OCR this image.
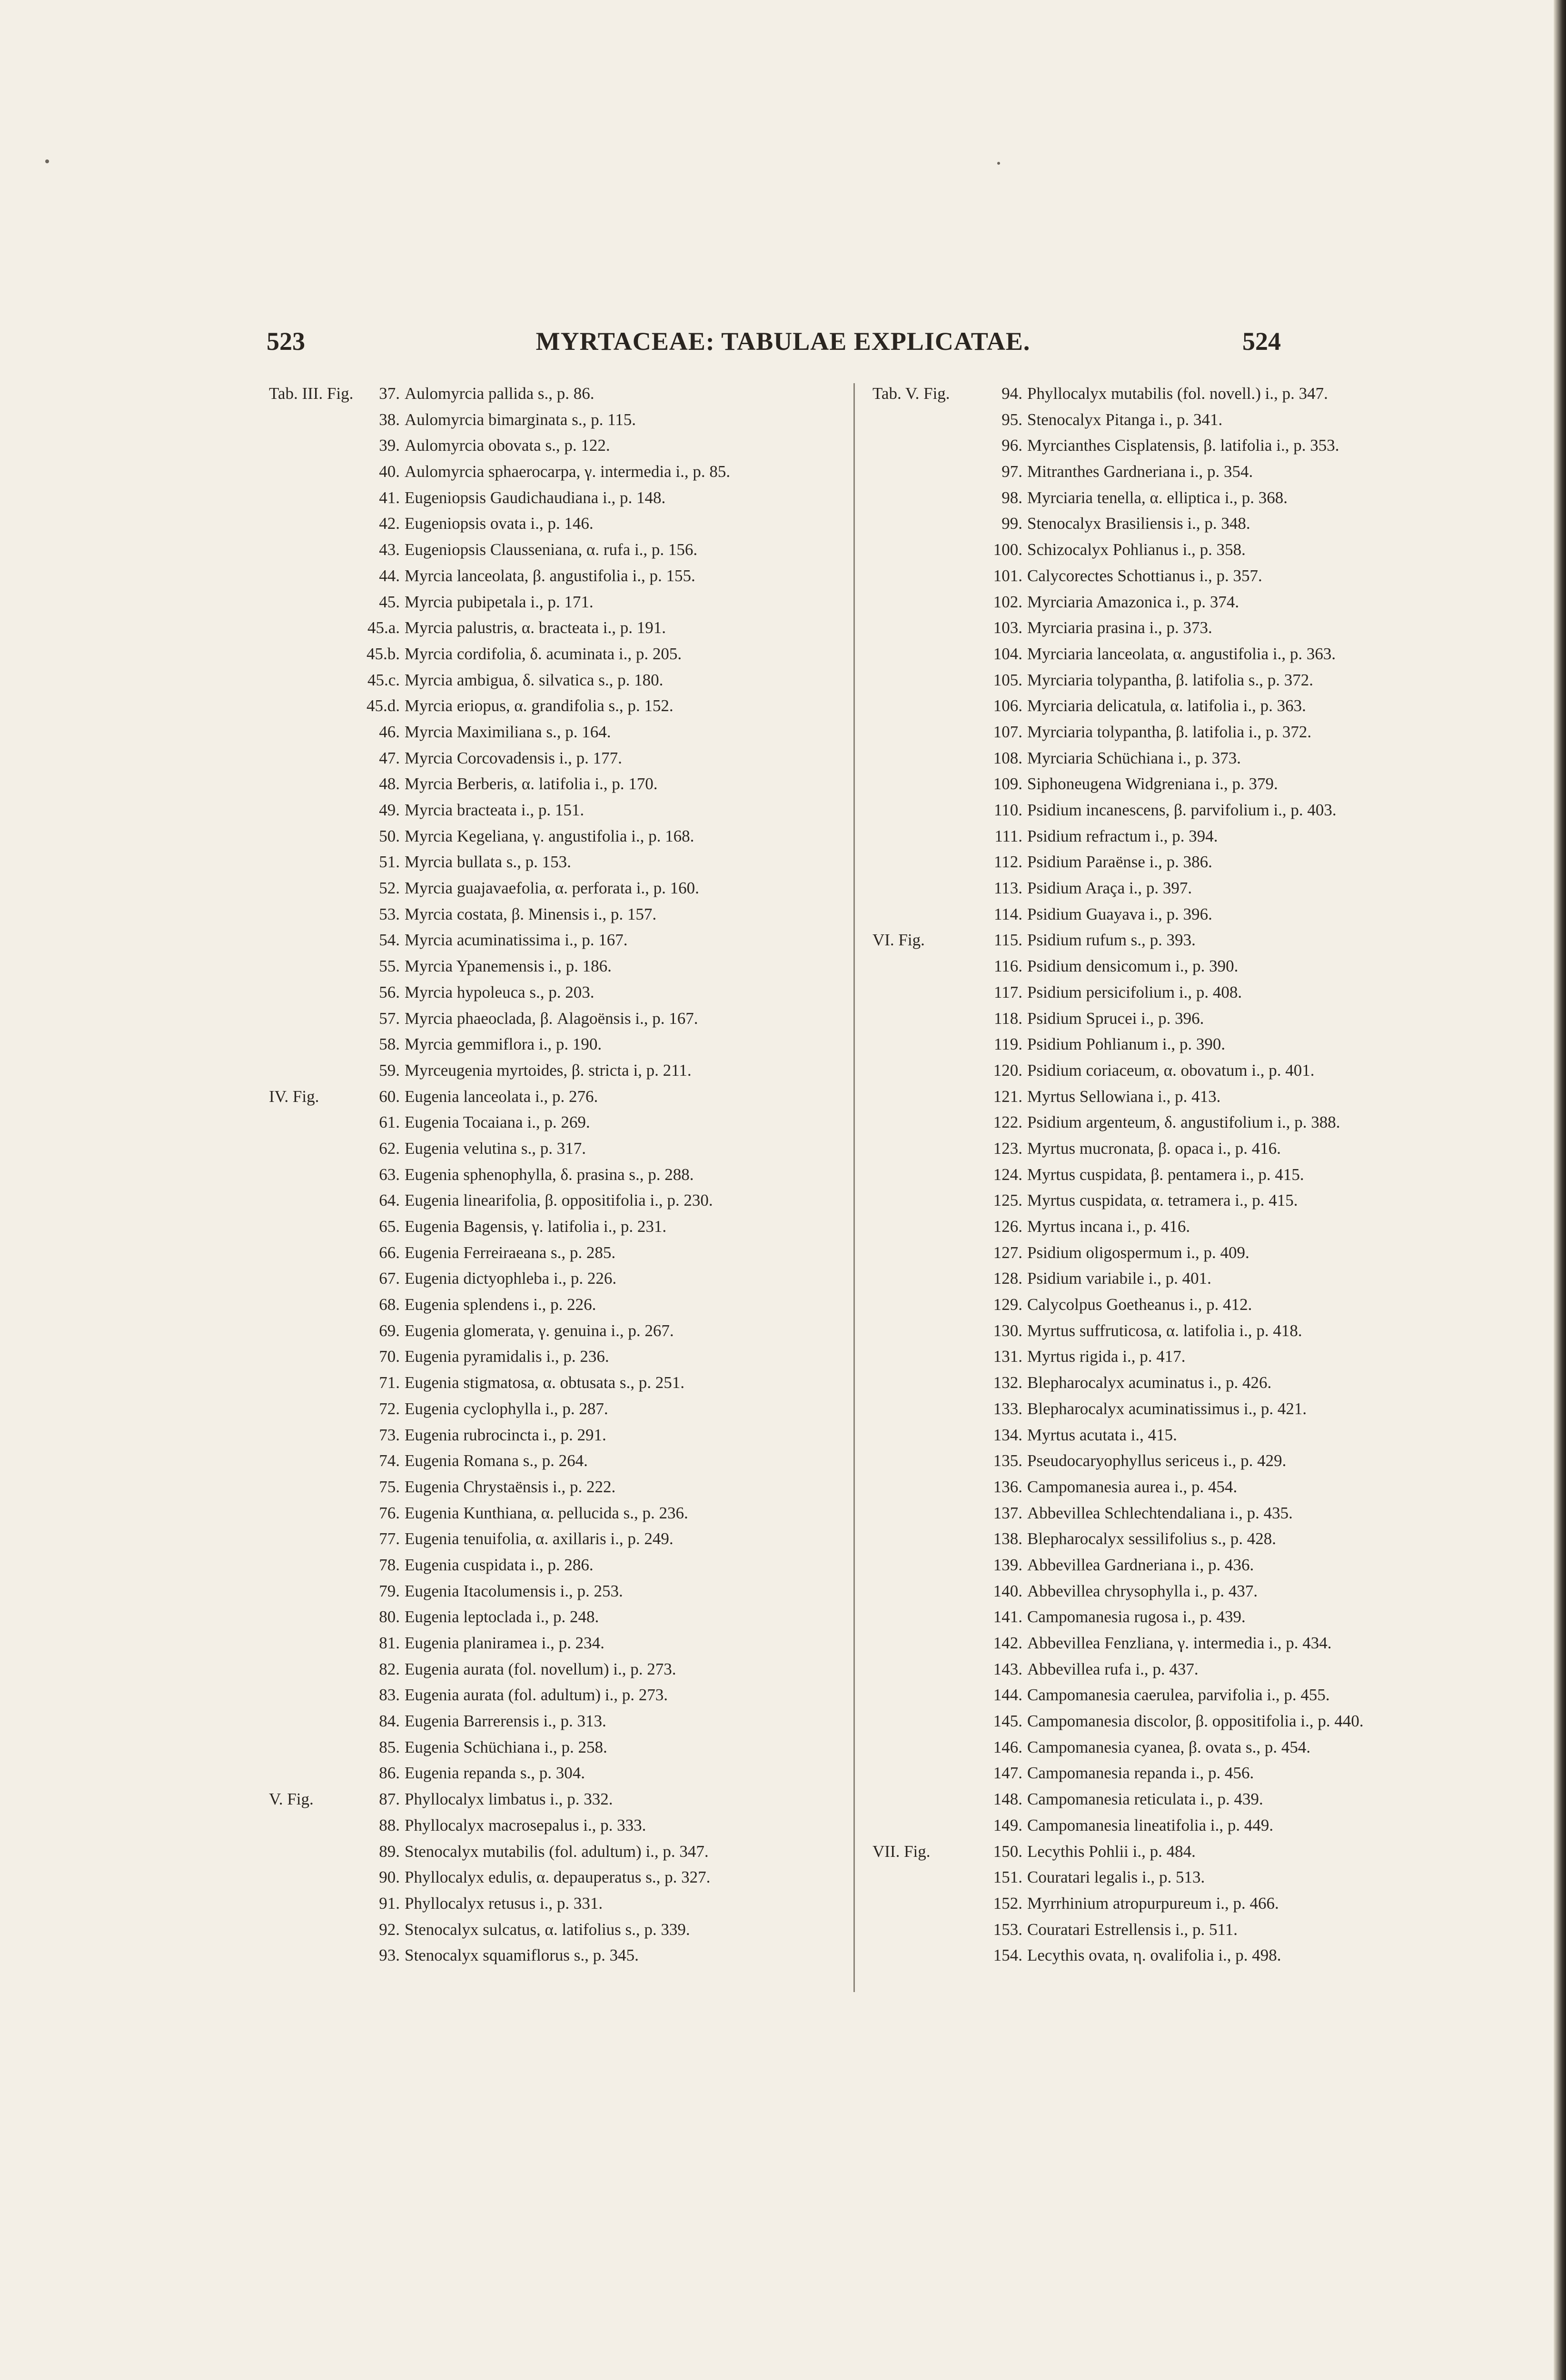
MYRTACEAE: TABULAE EXPLICATAE.
523	524
Tab. III. Fig.	37. Aulomyrcia pallida s., p. 86.
38. Aulomyrcia bimarginata s., p. 115.
39. Aulomyrcia obovata s., p. 122.
40. Aulomyrcia sphaerocarpa, γ. intermedia i., p. 85.
41. Eugeniopsis Gaudichaudiana i., p. 148.
42. Eugeniopsis ovata i., p. 146.
43. Eugeniopsis Clausseniana, α. rufa i., p. 156.
44. Myrcia lanceolata, β. angustifolia i., p. 155.
45. Myrcia pubipetala i., p. 171.
45.a. Myrcia palustris, α. bracteata i., p. 191.
45.b. Myrcia cordifolia, δ. acuminata i., p. 205.
45.c. Myrcia ambigua, δ. silvatica s., p. 180.
45.d. Myrcia eriopus, α. grandifolia s., p. 152.
46. Myrcia Maximiliana s., p. 164.
47. Myrcia Corcovadensis i., p. 177.
48. Myrcia Berberis, α. latifolia i., p. 170.
49. Myrcia bracteata i., p. 151.
50. Myrcia Kegeliana, γ. angustifolia i., p. 168.
51. Myrcia bullata s., p. 153.
52. Myrcia guajavaefolia, α. perforata i., p. 160.
53. Myrcia costata, β. Minensis i., p. 157.
54. Myrcia acuminatissima i., p. 167.
55. Myrcia Ypanemensis i., p. 186.
56. Myrcia hypoleuca s., p. 203.
57. Myrcia phaeoclada, β. Alagoënsis i., p. 167.
58. Myrcia gemmiflora i., p. 190.
59. Myrceugenia myrtoides, β. stricta i, p. 211.
IV. Fig.	60. Eugenia lanceolata i., p. 276.
61. Eugenia Tocaiana i., p. 269.
62. Eugenia velutina s., p. 317.
63. Eugenia sphenophylla, δ. prasina s., p. 288.
64. Eugenia linearifolia, β. oppositifolia i., p. 230.
65. Eugenia Bagensis, γ. latifolia i., p. 231.
66. Eugenia Ferreiraeana s., p. 285.
67. Eugenia dictyophleba i., p. 226.
68. Eugenia splendens i., p. 226.
69. Eugenia glomerata, γ. genuina i., p. 267.
70. Eugenia pyramidalis i., p. 236.
71. Eugenia stigmatosa, α. obtusata s., p. 251.
72. Eugenia cyclophylla i., p. 287.
73. Eugenia rubrocincta i., p. 291.
74. Eugenia Romana s., p. 264.
75. Eugenia Chrystaënsis i., p. 222.
76. Eugenia Kunthiana, α. pellucida s., p. 236.
77. Eugenia tenuifolia, α. axillaris i., p. 249.
78. Eugenia cuspidata i., p. 286.
79. Eugenia Itacolumensis i., p. 253.
80. Eugenia leptoclada i., p. 248.
81. Eugenia planiramea i., p. 234.
82. Eugenia aurata (fol. novellum) i., p. 273.
83. Eugenia aurata (fol. adultum) i., p. 273.
84. Eugenia Barrerensis i., p. 313.
85. Eugenia Schüchiana i., p. 258.
86. Eugenia repanda s., p. 304.
V. Fig.	87. Phyllocalyx limbatus i., p. 332.
88. Phyllocalyx macrosepalus i., p. 333.
89. Stenocalyx mutabilis (fol. adultum) i., p. 347.
90. Phyllocalyx edulis, α. depauperatus s., p. 327.
91. Phyllocalyx retusus i., p. 331.
92. Stenocalyx sulcatus, α. latifolius s., p. 339.
93. Stenocalyx squamiflorus s., p. 345.
Tab. V. Fig.	94. Phyllocalyx mutabilis (fol. novell.) i., p. 347.
95. Stenocalyx Pitanga i., p. 341.
96. Myrcianthes Cisplatensis, β. latifolia i., p. 353.
97. Mitranthes Gardneriana i., p. 354.
98. Myrciaria tenella, α. elliptica i., p. 368.
99. Stenocalyx Brasiliensis i., p. 348.
100. Schizocalyx Pohlianus i., p. 358.
101. Calycorectes Schottianus i., p. 357.
102. Myrciaria Amazonica i., p. 374.
103. Myrciaria prasina i., p. 373.
104. Myrciaria lanceolata, α. angustifolia i., p. 363.
105. Myrciaria tolypantha, β. latifolia s., p. 372.
106. Myrciaria delicatula, α. latifolia i., p. 363.
107. Myrciaria tolypantha, β. latifolia i., p. 372.
108. Myrciaria Schüchiana i., p. 373.
109. Siphoneugena Widgreniana i., p. 379.
110. Psidium incanescens, β. parvifolium i., p. 403.
111. Psidium refractum i., p. 394.
112. Psidium Paraënse i., p. 386.
113. Psidium Araça i., p. 397.
114. Psidium Guayava i., p. 396.
VI. Fig.	115. Psidium rufum s., p. 393.
116. Psidium densicomum i., p. 390.
117. Psidium persicifolium i., p. 408.
118. Psidium Sprucei i., p. 396.
119. Psidium Pohlianum i., p. 390.
120. Psidium coriaceum, α. obovatum i., p. 401.
121. Myrtus Sellowiana i., p. 413.
122. Psidium argenteum, δ. angustifolium i., p. 388.
123. Myrtus mucronata, β. opaca i., p. 416.
124. Myrtus cuspidata, β. pentamera i., p. 415.
125. Myrtus cuspidata, α. tetramera i., p. 415.
126. Myrtus incana i., p. 416.
127. Psidium oligospermum i., p. 409.
128. Psidium variabile i., p. 401.
129. Calycolpus Goetheanus i., p. 412.
130. Myrtus suffruticosa, α. latifolia i., p. 418.
131. Myrtus rigida i., p. 417.
132. Blepharocalyx acuminatus i., p. 426.
133. Blepharocalyx acuminatissimus i., p. 421.
134. Myrtus acutata i., 415.
135. Pseudocaryophyllus sericeus i., p. 429.
136. Campomanesia aurea i., p. 454.
137. Abbevillea Schlechtendaliana i., p. 435.
138. Blepharocalyx sessilifolius s., p. 428.
139. Abbevillea Gardneriana i., p. 436.
140. Abbevillea chrysophylla i., p. 437.
141. Campomanesia rugosa i., p. 439.
142. Abbevillea Fenzliana, γ. intermedia i., p. 434.
143. Abbevillea rufa i., p. 437.
144. Campomanesia caerulea, parvifolia i., p. 455.
145. Campomanesia discolor, β. oppositifolia i., p. 440.
146. Campomanesia cyanea, β. ovata s., p. 454.
147. Campomanesia repanda i., p. 456.
148. Campomanesia reticulata i., p. 439.
149. Campomanesia lineatifolia i., p. 449.
VII. Fig.	150. Lecythis Pohlii i., p. 484.
151. Couratari legalis i., p. 513.
152. Myrrhinium atropurpureum i., p. 466.
153. Couratari Estrellensis i., p. 511.
154. Lecythis ovata, η. ovalifolia i., p. 498.
